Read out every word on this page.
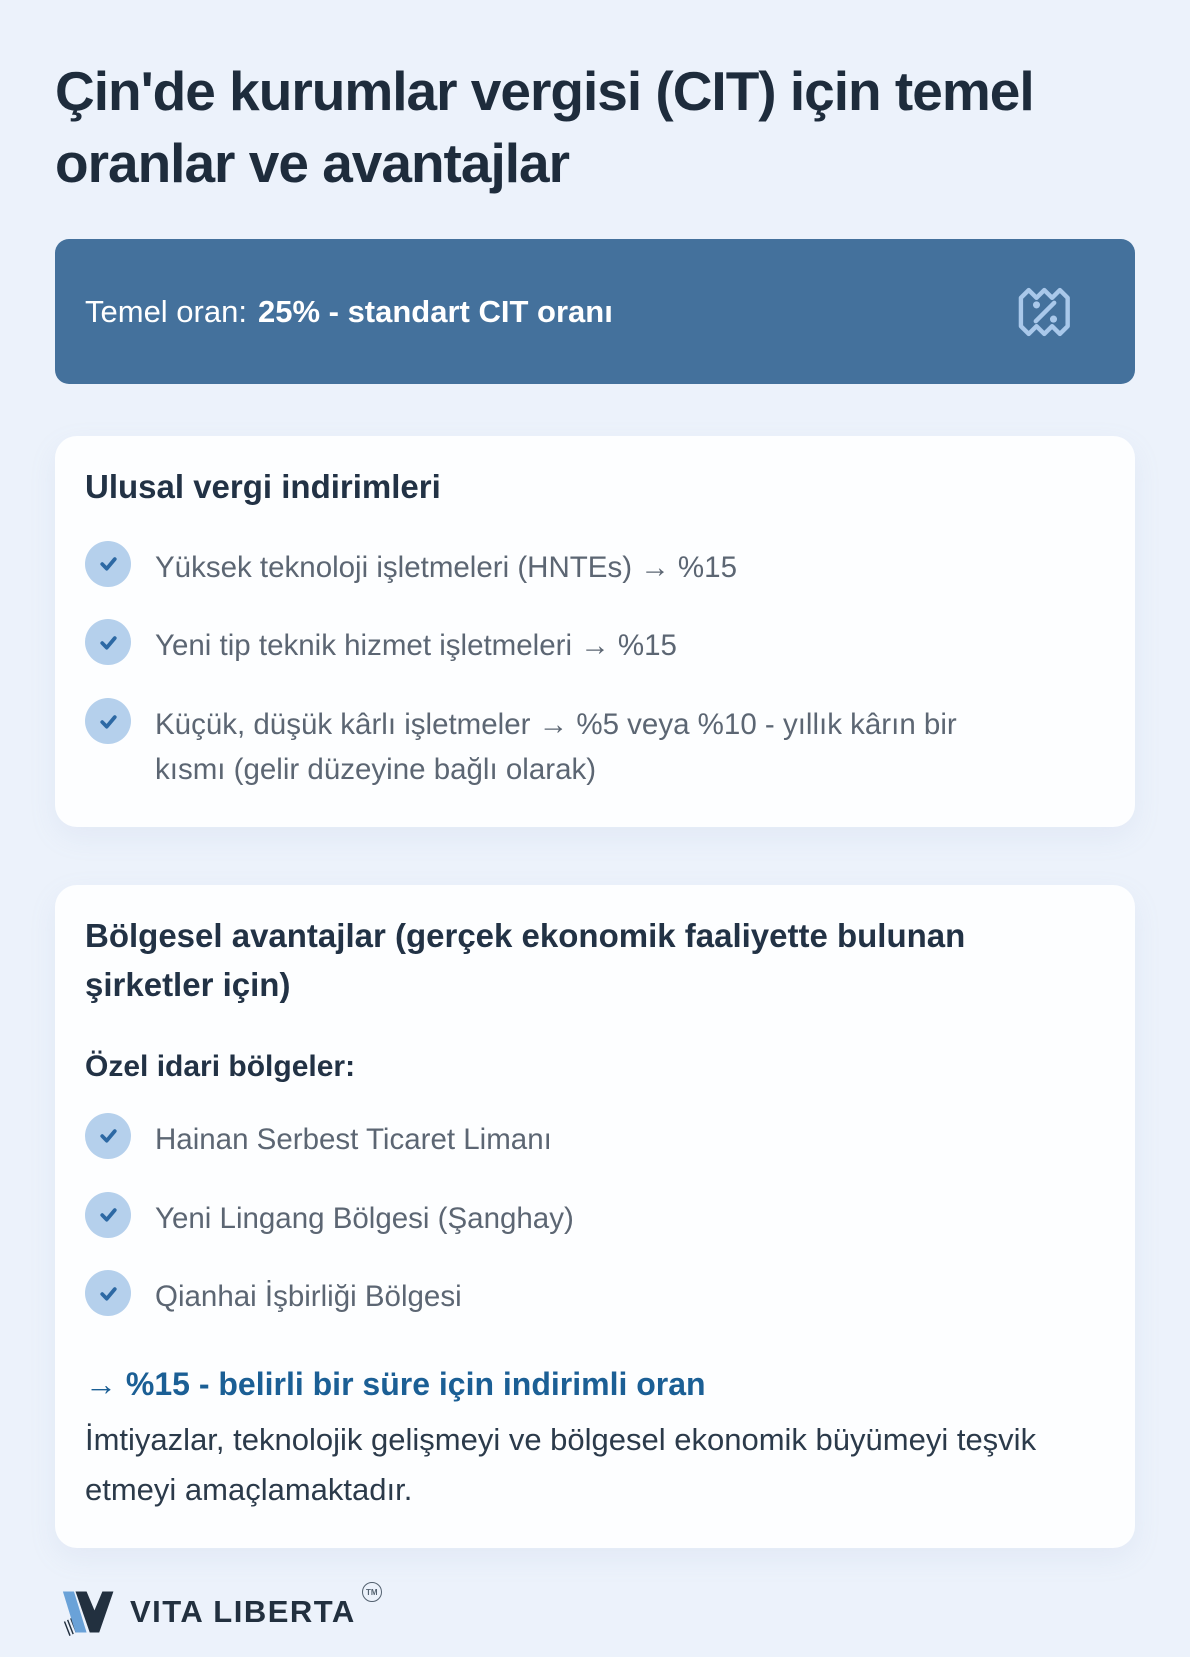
Çin'de kurumlar vergisi (CIT) için temel oranlar ve avantajlar
Temel oran: 25% - standart CIT oranı
Ulusal vergi indirimleri
Yüksek teknoloji işletmeleri (HNTEs) → %15
Yeni tip teknik hizmet işletmeleri → %15
Küçük, düşük kârlı işletmeler → %5 veya %10 - yıllık kârın bir kısmı (gelir düzeyine bağlı olarak)
Bölgesel avantajlar (gerçek ekonomik faaliyette bulunan şirketler için)
Özel idari bölgeler:
Hainan Serbest Ticaret Limanı
Yeni Lingang Bölgesi (Şanghay)
Qianhai İşbirliği Bölgesi

→ %15 - belirli bir süre için indirimli oran

İmtiyazlar, teknolojik gelişmeyi ve bölgesel ekonomik büyümeyi teşvik etmeyi amaçlamaktadır.

VITA LIBERTA
TM
